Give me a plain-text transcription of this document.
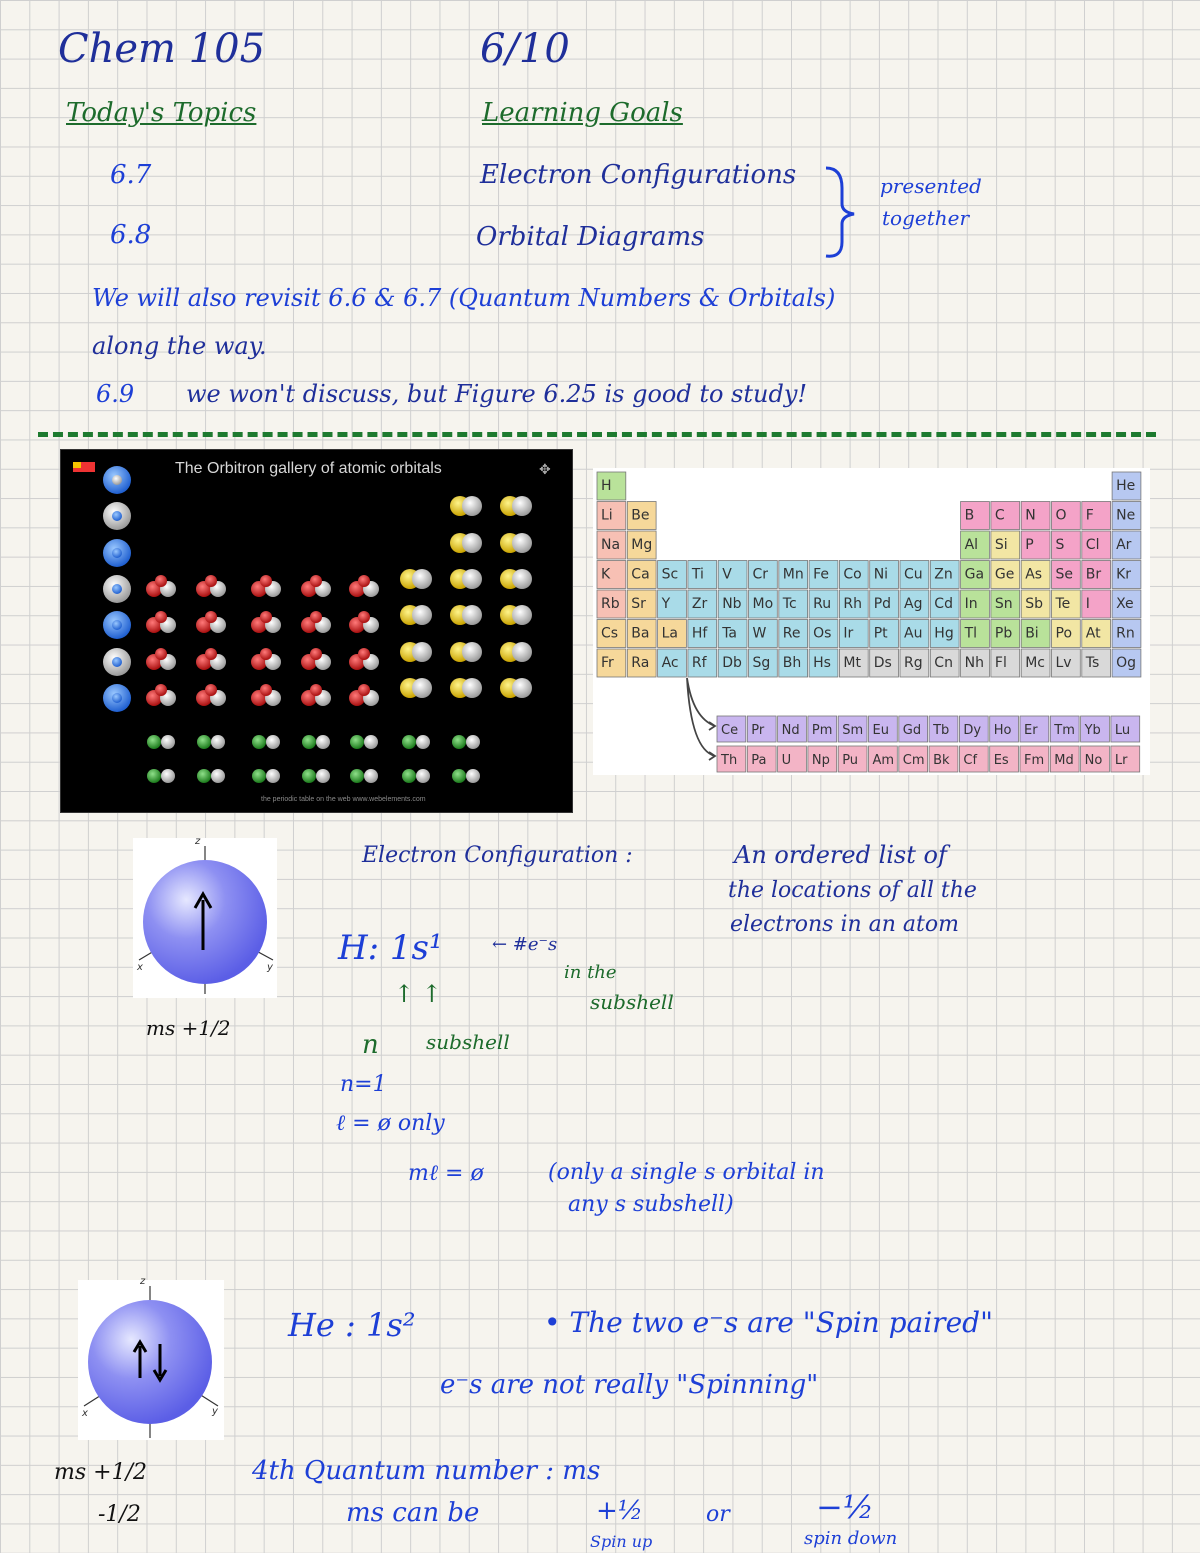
Chem 105	6/10
Today's Topics	Learning Goals
6.7
6.8
Electron Configurations
Orbital Diagrams
presented
together
We will also revisit 6.6 & 6.7 (Quantum Numbers & Orbitals)
along the way.
6.9 we won't discuss, but Figure 6.25 is good to study!
The Orbitron gallery of atomic orbitals	✥
the periodic table on the web www.webelements.com
H	He
Li Be	B C N O F Ne
Na Mg	Al Si P S Cl Ar
K Ca Sc Ti V Cr Mn Fe Co Ni Cu Zn Ga Ge As Se Br Kr
Rb Sr Y Zr Nb Mo Tc Ru Rh Pd Ag Cd In Sn Sb Te I Xe
Cs Ba La Hf Ta W Re Os Ir Pt Au Hg Tl Pb Bi Po At Rn
Fr Ra Ac Rf Db Sg Bh Hs Mt Ds Rg Cn Nh Fl Mc Lv Ts Og
Ce Pr Nd Pm Sm Eu Gd Tb Dy Ho Er Tm Yb Lu
Th Pa U Np Pu Am Cm Bk Cf Es Fm Md No Lr
z
x	y
ms +1/2
Electron Configuration :	An ordered list of
the locations of all the
electrons in an atom
H: 1s¹	← #e⁻s
in the
subshell
↑ ↑
n subshell
n=1
ℓ = ø only
mℓ = ø	(only a single s orbital in
any s subshell)
z
x	y
ms +1/2
-1/2
He : 1s²	• The two e⁻s are "Spin paired"
e⁻s are not really "Spinning"
4th Quantum number : ms
ms can be	+½	or	−½
Spin up	spin down
